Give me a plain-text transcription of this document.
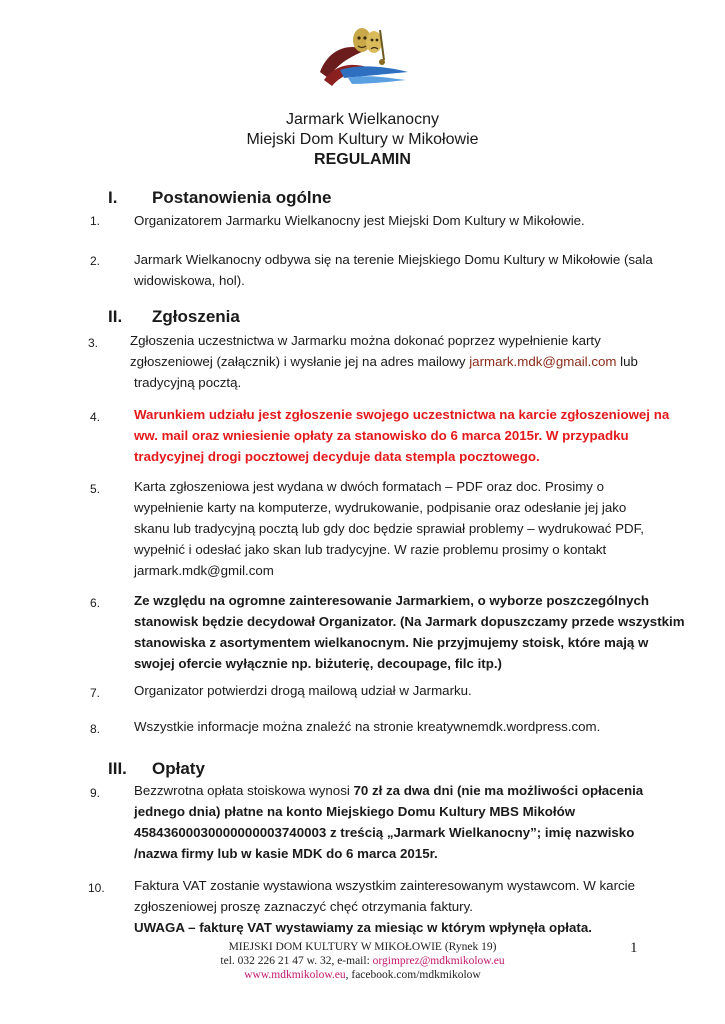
Jarmark Wielkanocny
Miejski Dom Kultury w Mikołowie
REGULAMIN
I. Postanowienia ogólne
1.	Organizatorem Jarmarku Wielkanocny jest Miejski Dom Kultury w Mikołowie.
2.	Jarmark Wielkanocny odbywa się na terenie Miejskiego Domu Kultury w Mikołowie (sala
widowiskowa, hol).
II. Zgłoszenia
3. Zgłoszenia uczestnictwa w Jarmarku można dokonać poprzez wypełnienie karty
zgłoszeniowej (załącznik) i wysłanie jej na adres mailowy jarmark.mdk@gmail.com lub
tradycyjną pocztą.
4.	Warunkiem udziału jest zgłoszenie swojego uczestnictwa na karcie zgłoszeniowej na
ww. mail oraz wniesienie opłaty za stanowisko do 6 marca 2015r. W przypadku
tradycyjnej drogi pocztowej decyduje data stempla pocztowego.
5.	Karta zgłoszeniowa jest wydana w dwóch formatach – PDF oraz doc. Prosimy o
wypełnienie karty na komputerze, wydrukowanie, podpisanie oraz odesłanie jej jako
skanu lub tradycyjną pocztą lub gdy doc będzie sprawiał problemy – wydrukować PDF,
wypełnić i odesłać jako skan lub tradycyjne. W razie problemu prosimy o kontakt
jarmark.mdk@gmil.com
6.	Ze względu na ogromne zainteresowanie Jarmarkiem, o wyborze poszczególnych
stanowisk będzie decydował Organizator. (Na Jarmark dopuszczamy przede wszystkim
stanowiska z asortymentem wielkanocnym. Nie przyjmujemy stoisk, które mają w
swojej ofercie wyłącznie np. biżuterię, decoupage, filc itp.)
7.	Organizator potwierdzi drogą mailową udział w Jarmarku.
8.	Wszystkie informacje można znaleźć na stronie kreatywnemdk.wordpress.com.
III. Opłaty
9.	Bezzwrotna opłata stoiskowa wynosi 70 zł za dwa dni (nie ma możliwości opłacenia
jednego dnia) płatne na konto Miejskiego Domu Kultury MBS Mikołów
45843600030000000003740003 z treścią „Jarmark Wielkanocny”; imię nazwisko
/nazwa firmy lub w kasie MDK do 6 marca 2015r.
10. Faktura VAT zostanie wystawiona wszystkim zainteresowanym wystawcom. W karcie
zgłoszeniowej proszę zaznaczyć chęć otrzymania faktury.
UWAGA – fakturę VAT wystawiamy za miesiąc w którym wpłynęła opłata.
MIEJSKI DOM KULTURY W MIKOŁOWIE (Rynek 19)
tel. 032 226 21 47 w. 32, e-mail: orgimprez@mdkmikolow.eu
www.mdkmikolow.eu, facebook.com/mdkmikolow
1
